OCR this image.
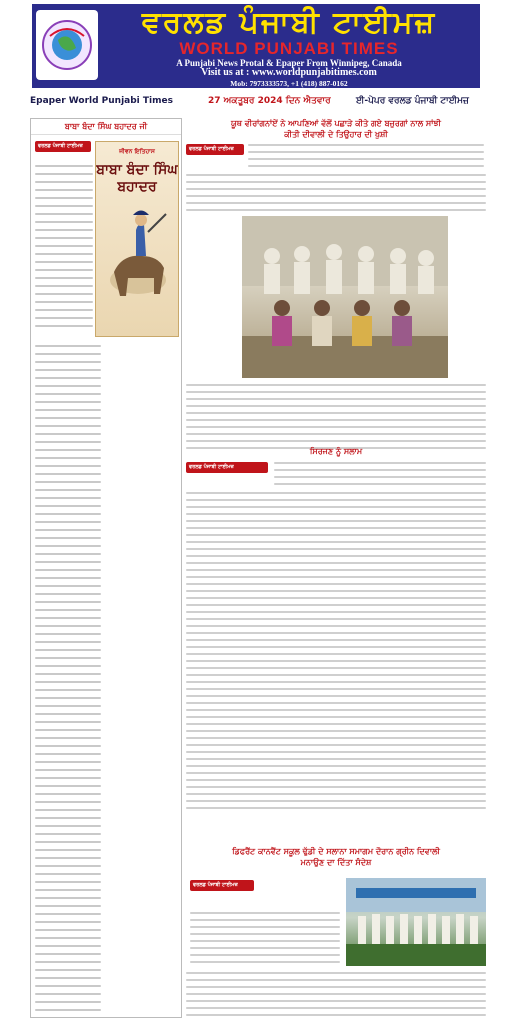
ਵਰਲਡ ਪੰਜਾਬੀ ਟਾਈਮਜ਼
WORLD PUNJABI TIMES
A Punjabi News Protal & Epaper From Winnipeg, Canada
Visit us at : www.worldpunjabitimes.com
Mob: 7973333573, +1 (418) 887-0162
Epaper World Punjabi Times	27 ਅਕਤੂਬਰ 2024 ਦਿਨ ਐਤਵਾਰ	ਈ-ਪੇਪਰ ਵਰਲਡ ਪੰਜਾਬੀ ਟਾਈਮਜ਼
ਬਾਬਾ ਬੰਦਾ ਸਿੰਘ ਬਹਾਦਰ ਜੀ
ਵਰਲਡ ਪੰਜਾਬੀ ਟਾਈਮਜ਼
ਜੀਵਨ ਇਤਿਹਾਸ
ਬਾਬਾ ਬੰਦਾ ਸਿੰਘ
ਬਹਾਦਰ
ਯੂਥ ਵੀਰਾਂਗਨਾਂਏਂ ਨੇ ਆਪਣਿਆਂ ਵੱਲੋਂ ਪਛਾੜੇ ਕੀਤੇ ਗਏ ਬਜ਼ੁਰਗਾਂ ਨਾਲ ਸਾਂਝੀ
ਕੀਤੀ ਦੀਵਾਲੀ ਦੇ ਤਿਉਹਾਰ ਦੀ ਖੁਸ਼ੀ
ਵਰਲਡ ਪੰਜਾਬੀ ਟਾਈਮਜ਼
ਸਿਰਜਣ ਨੂੰ ਸਲਾਮ
ਵਰਲਡ ਪੰਜਾਬੀ ਟਾਈਮਜ਼
ਡਿਫਰੈਂਟ ਕਾਨਵੈਂਟ ਸਕੂਲ ਢੁੱਡੀ ਦੇ ਸਲਾਨਾ ਸਮਾਗਮ ਦੌਰਾਨ ਗ੍ਰੀਨ ਦਿਵਾਲੀ
ਮਨਾਉਣ ਦਾ ਦਿੱਤਾ ਸੰਦੇਸ਼
ਵਰਲਡ ਪੰਜਾਬੀ ਟਾਈਮਜ਼
